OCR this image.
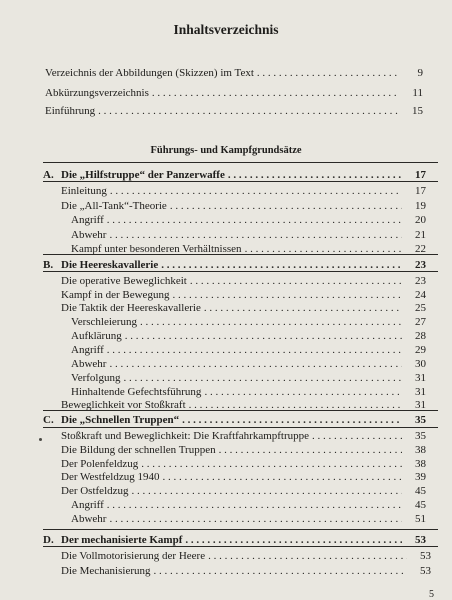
Inhaltsverzeichnis
Verzeichnis der Abbildungen (Skizzen) im Text . . .	9
Abkürzungsverzeichnis . . .	11
Einführung . . .	15
Führungs- und Kampfgrundsätze
A. Die „Hilfstruppe“ der Panzerwaffe . . .	17
Einleitung . . .	17
Die „All-Tank“-Theorie . . .	19
Angriff . . .	20
Abwehr . . .	21
Kampf unter besonderen Verhältnissen . . .	22
B. Die Heereskavallerie . . .	23
Die operative Beweglichkeit . . .	23
Kampf in der Bewegung . . .	24
Die Taktik der Heereskavallerie . . .	25
Verschleierung . . .	27
Aufklärung . . .	28
Angriff . . .	29
Abwehr . . .	30
Verfolgung . . .	31
Hinhaltende Gefechtsführung . . .	31
Beweglichkeit vor Stoßkraft . . .	31
C. Die „Schnellen Truppen“ . . .	35
Stoßkraft und Beweglichkeit: Die Kraftfahrkampftruppe . . .	35
Die Bildung der schnellen Truppen . . .	38
Der Polenfeldzug . . .	38
Der Westfeldzug 1940 . . .	39
Der Ostfeldzug . . .	45
Angriff . . .	45
Abwehr . . .	51
D. Der mechanisierte Kampf . . .	53
Die Vollmotorisierung der Heere . . .	53
Die Mechanisierung . . .	53
5
